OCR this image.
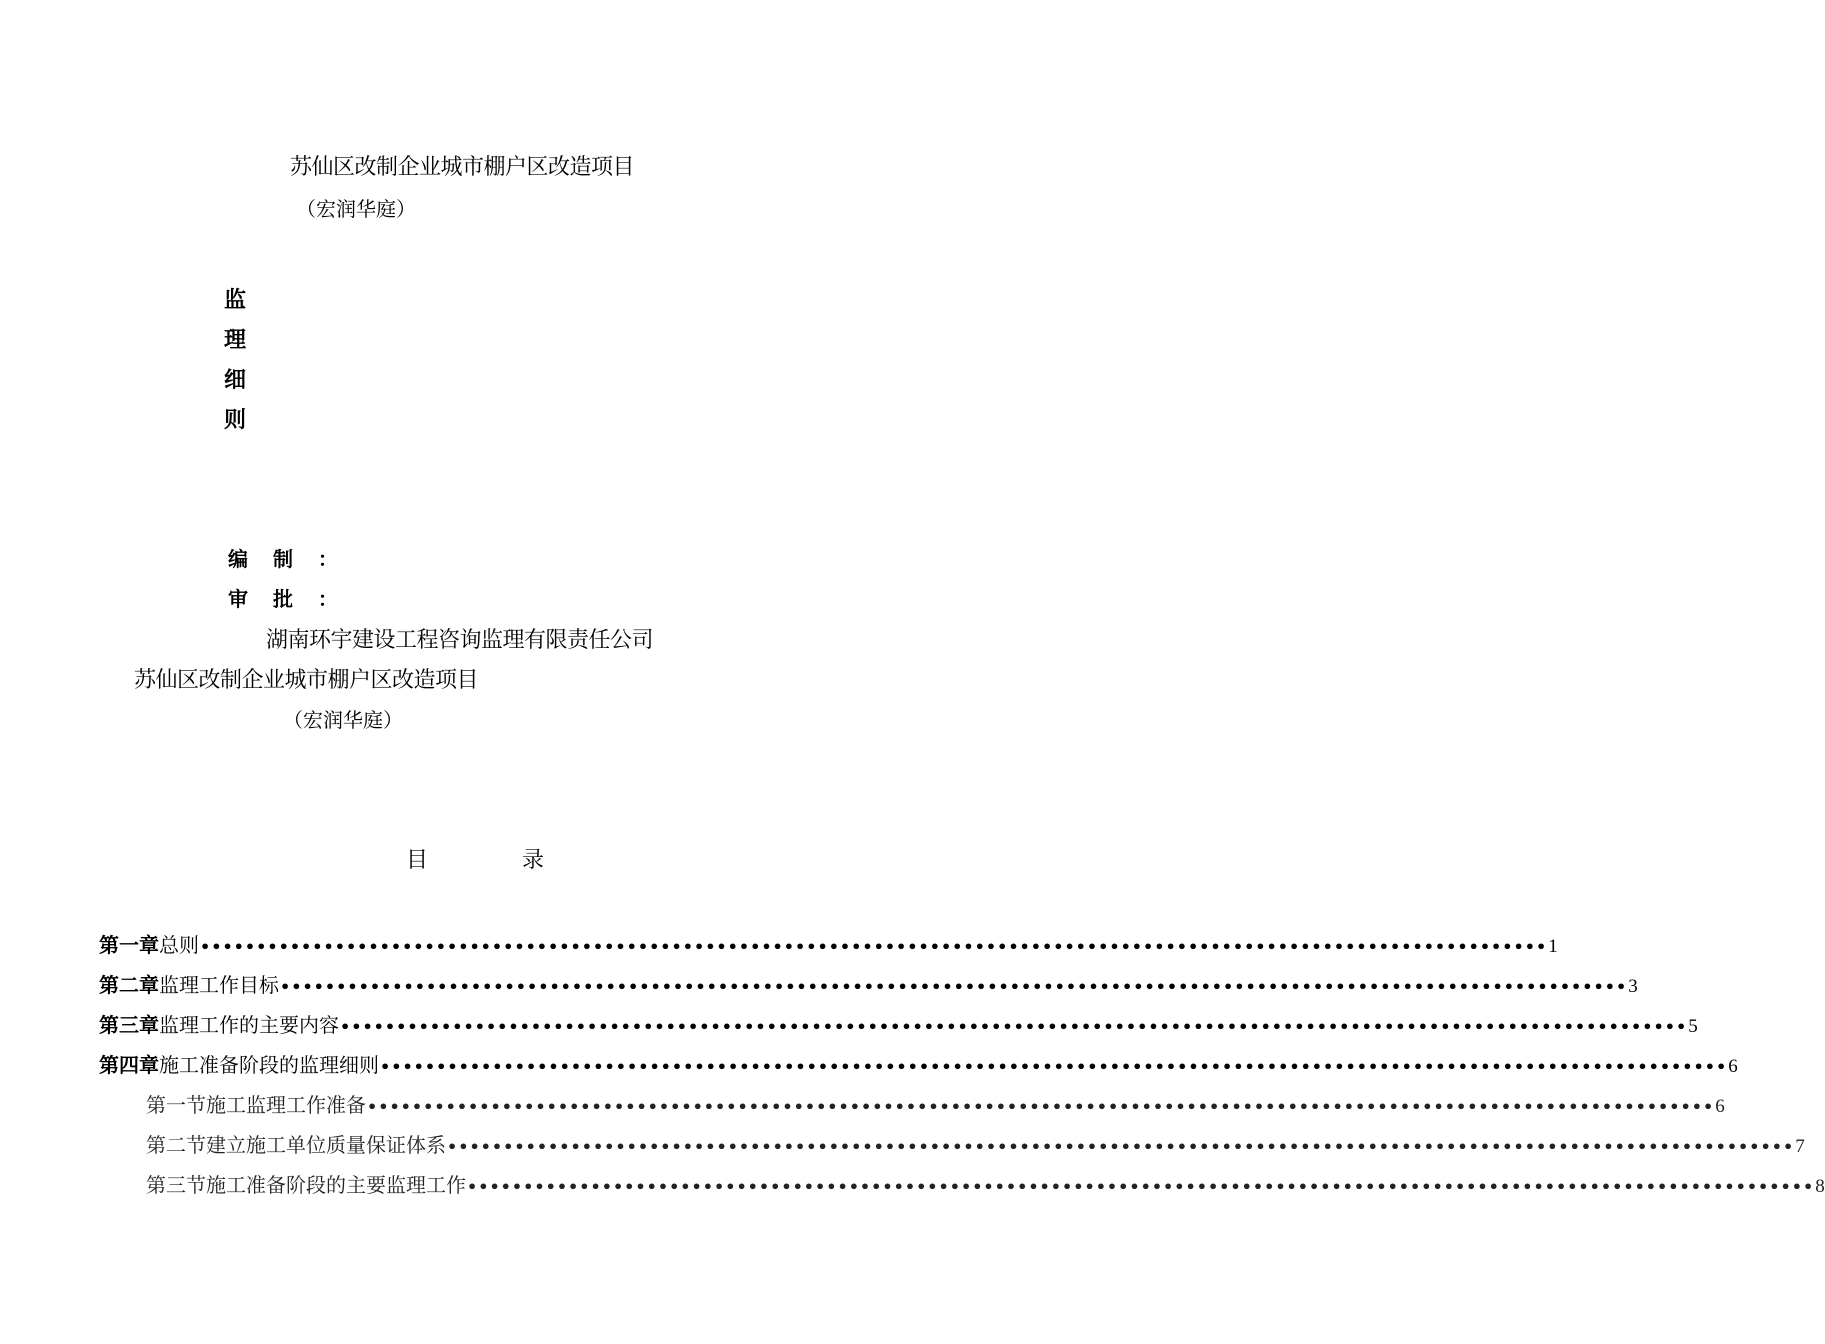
苏仙区改制企业城市棚户区改造项目
（宏润华庭）
监
理
细
则
编 制 ：
审 批 ：
湖南环宇建设工程咨询监理有限责任公司
苏仙区改制企业城市棚户区改造项目
（宏润华庭）
目	录
第一章 总则 •••••••••••••••••••••••••••••••••••••••••••••••••••••••••••••••••••••••••••••••••••••••••••••••••••••••••••••••••••••••• 1
第二章 监理工作目标 •••••••••••••••••••••••••••••••••••••••••••••••••••••••••••••••••••••••••••••••••••••••••••••••••••••••••••••••••••••••• 3
第三章 监理工作的主要内容 •••••••••••••••••••••••••••••••••••••••••••••••••••••••••••••••••••••••••••••••••••••••••••••••••••••••••••••••••••••••• 5
第四章 施工准备阶段的监理细则 •••••••••••••••••••••••••••••••••••••••••••••••••••••••••••••••••••••••••••••••••••••••••••••••••••••••••••••••••••••••• 6
第一节 施工监理工作准备 •••••••••••••••••••••••••••••••••••••••••••••••••••••••••••••••••••••••••••••••••••••••••••••••••••••••••••••••••••••••• 6
第二节 建立施工单位质量保证体系 •••••••••••••••••••••••••••••••••••••••••••••••••••••••••••••••••••••••••••••••••••••••••••••••••••••••••••••••••••••••• 7
第三节 施工准备阶段的主要监理工作 •••••••••••••••••••••••••••••••••••••••••••••••••••••••••••••••••••••••••••••••••••••••••••••••••••••••••••••••••••••••• 8
